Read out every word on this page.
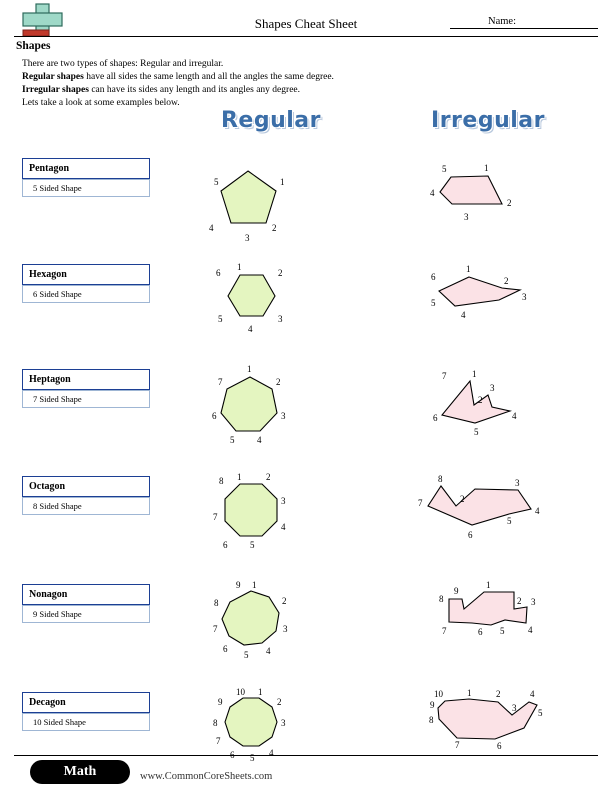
Shapes Cheat Sheet	Name:
Shapes
There are two types of shapes: Regular and irregular.
Regular shapes have all sides the same length and all the angles the same degree.
Irregular shapes can have its sides any length and its angles any degree.
Lets take a look at some examples below.
Regular	Irregular
Pentagon
5 Sided Shape
1
2
3
4
5
1
2
3
4
5
Hexagon
6 Sided Shape
1
2
3
4
5
6	1
2
3
4
5
6
Heptagon
7 Sided Shape
1
2
3
4
5
6
7
1
2
3
4
5
6
7
Octagon
8 Sided Shape
1	2
3
4
5
6
7
8	8
2
3
4
5
6
7
Nonagon
9 Sided Shape
1
2
3
4
5
6
7
8
9	1
2 3
4
5
6
7
8
9
Decagon
10 Sided Shape
1
2
3
4
5
6
7
8
9
10	1	2
3
4
5
6
7
8
9
10
Math	www.CommonCoreSheets.com
